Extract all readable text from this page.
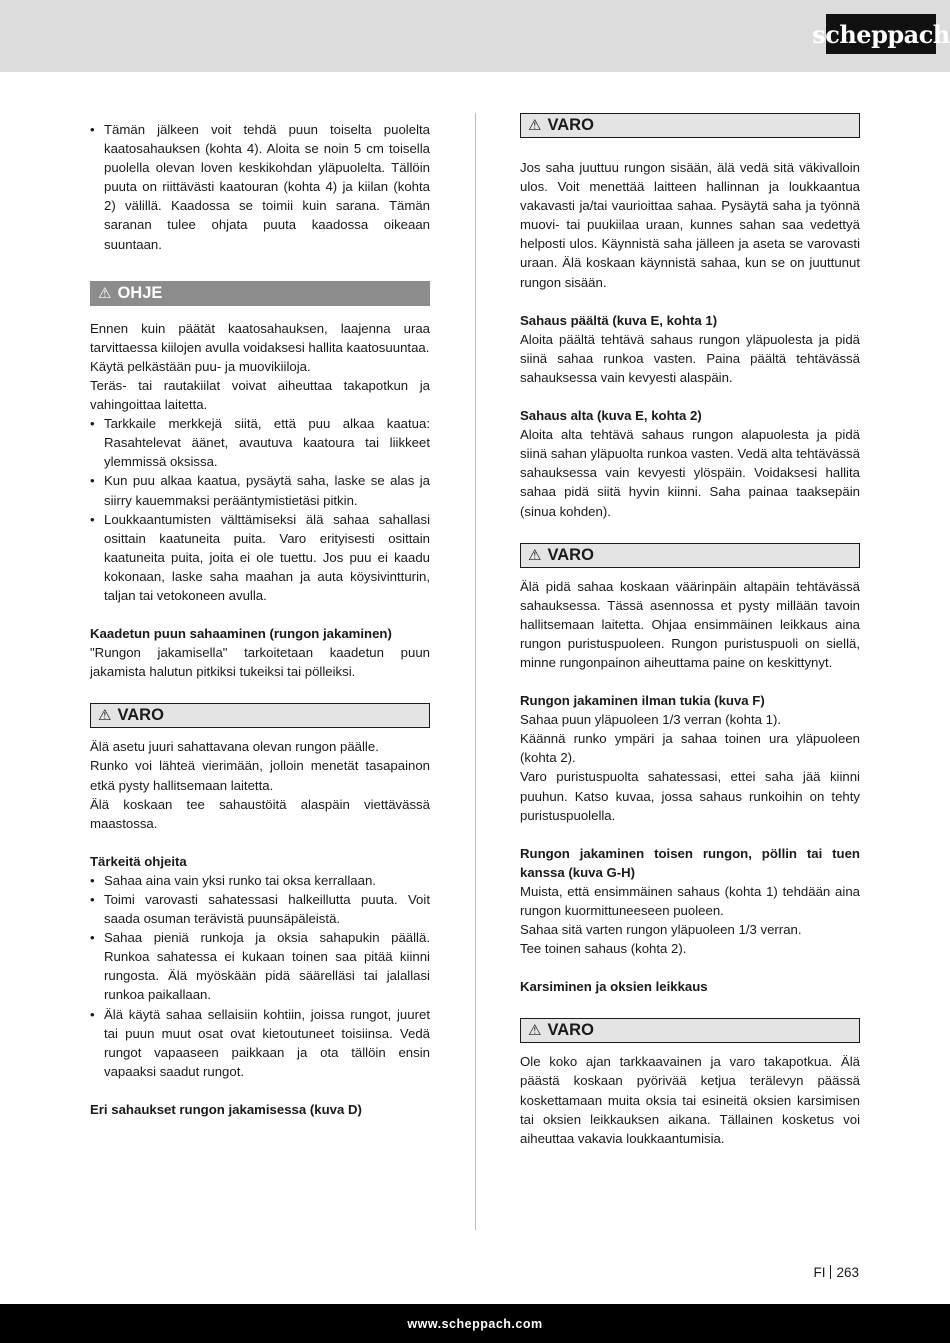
scheppach

• Tämän jälkeen voit tehdä puun toiselta puolelta kaatosahauksen (kohta 4). Aloita se noin 5 cm toisella puolella olevan loven keskikohdan yläpuolelta. Tällöin puuta on riittävästi kaatouran (kohta 4) ja kiilan (kohta 2) välillä. Kaadossa se toimii kuin sarana. Tämän saranan tulee ohjata puuta kaadossa oikeaan suuntaan.

⚠ OHJE

Ennen kuin päätät kaatosahauksen, laajenna uraa tarvittaessa kiilojen avulla voidaksesi hallita kaatosuuntaa.

Käytä pelkästään puu- ja muovikiiloja.

Teräs- tai rautakiilat voivat aiheuttaa takapotkun ja vahingoittaa laitetta.

• Tarkkaile merkkejä siitä, että puu alkaa kaatua: Rasahtelevat äänet, avautuva kaatoura tai liikkeet ylemmissä oksissa.

• Kun puu alkaa kaatua, pysäytä saha, laske se alas ja siirry kauemmaksi perääntymistietäsi pitkin.

• Loukkaantumisten välttämiseksi älä sahaa sahallasi osittain kaatuneita puita. Varo erityisesti osittain kaatuneita puita, joita ei ole tuettu. Jos puu ei kaadu kokonaan, laske saha maahan ja auta köysivintturin, taljan tai vetokoneen avulla.

Kaadetun puun sahaaminen (rungon jakaminen)

"Rungon jakamisella" tarkoitetaan kaadetun puun jakamista halutun pitkiksi tukeiksi tai pölleiksi.

⚠ VARO

Älä asetu juuri sahattavana olevan rungon päälle.

Runko voi lähteä vierimään, jolloin menetät tasapainon etkä pysty hallitsemaan laitetta.

Älä koskaan tee sahaustöitä alaspäin viettävässä maastossa.

Tärkeitä ohjeita

• Sahaa aina vain yksi runko tai oksa kerrallaan.

• Toimi varovasti sahatessasi halkeillutta puuta. Voit saada osuman terävistä puunsäpäleistä.

• Sahaa pieniä runkoja ja oksia sahapukin päällä. Runkoa sahatessa ei kukaan toinen saa pitää kiinni rungosta. Älä myöskään pidä säärelläsi tai jalallasi runkoa paikallaan.

• Älä käytä sahaa sellaisiin kohtiin, joissa rungot, juuret tai puun muut osat ovat kietoutuneet toisiinsa. Vedä rungot vapaaseen paikkaan ja ota tällöin ensin vapaaksi saadut rungot.

Eri sahaukset rungon jakamisessa (kuva D)

⚠ VARO

Jos saha juuttuu rungon sisään, älä vedä sitä väkivalloin ulos. Voit menettää laitteen hallinnan ja loukkaantua vakavasti ja/tai vaurioittaa sahaa. Pysäytä saha ja työnnä muovi- tai puukiilaa uraan, kunnes sahan saa vedettyä helposti ulos. Käynnistä saha jälleen ja aseta se varovasti uraan. Älä koskaan käynnistä sahaa, kun se on juuttunut rungon sisään.

Sahaus päältä (kuva E, kohta 1)

Aloita päältä tehtävä sahaus rungon yläpuolesta ja pidä siinä sahaa runkoa vasten. Paina päältä tehtävässä sahauksessa vain kevyesti alaspäin.

Sahaus alta (kuva E, kohta 2)

Aloita alta tehtävä sahaus rungon alapuolesta ja pidä siinä sahan yläpuolta runkoa vasten. Vedä alta tehtävässä sahauksessa vain kevyesti ylöspäin. Voidaksesi hallita sahaa pidä siitä hyvin kiinni. Saha painaa taaksepäin (sinua kohden).

⚠ VARO

Älä pidä sahaa koskaan väärinpäin altapäin tehtävässä sahauksessa. Tässä asennossa et pysty millään tavoin hallitsemaan laitetta. Ohjaa ensimmäinen leikkaus aina rungon puristuspuoleen. Rungon puristuspuoli on siellä, minne rungonpainon aiheuttama paine on keskittynyt.

Rungon jakaminen ilman tukia (kuva F)

Sahaa puun yläpuoleen 1/3 verran (kohta 1).

Käännä runko ympäri ja sahaa toinen ura yläpuoleen (kohta 2).

Varo puristuspuolta sahatessasi, ettei saha jää kiinni puuhun. Katso kuvaa, jossa sahaus runkoihin on tehty puristuspuolella.

Rungon jakaminen toisen rungon, pöllin tai tuen kanssa (kuva G-H)

Muista, että ensimmäinen sahaus (kohta 1) tehdään aina rungon kuormittuneeseen puoleen.

Sahaa sitä varten rungon yläpuoleen 1/3 verran.

Tee toinen sahaus (kohta 2).

Karsiminen ja oksien leikkaus

⚠ VARO

Ole koko ajan tarkkaavainen ja varo takapotkua. Älä päästä koskaan pyörivää ketjua terälevyn päässä koskettamaan muita oksia tai esineitä oksien karsimisen tai oksien leikkauksen aikana. Tällainen kosketus voi aiheuttaa vakavia loukkaantumisia.

FI 263
www.scheppach.com
